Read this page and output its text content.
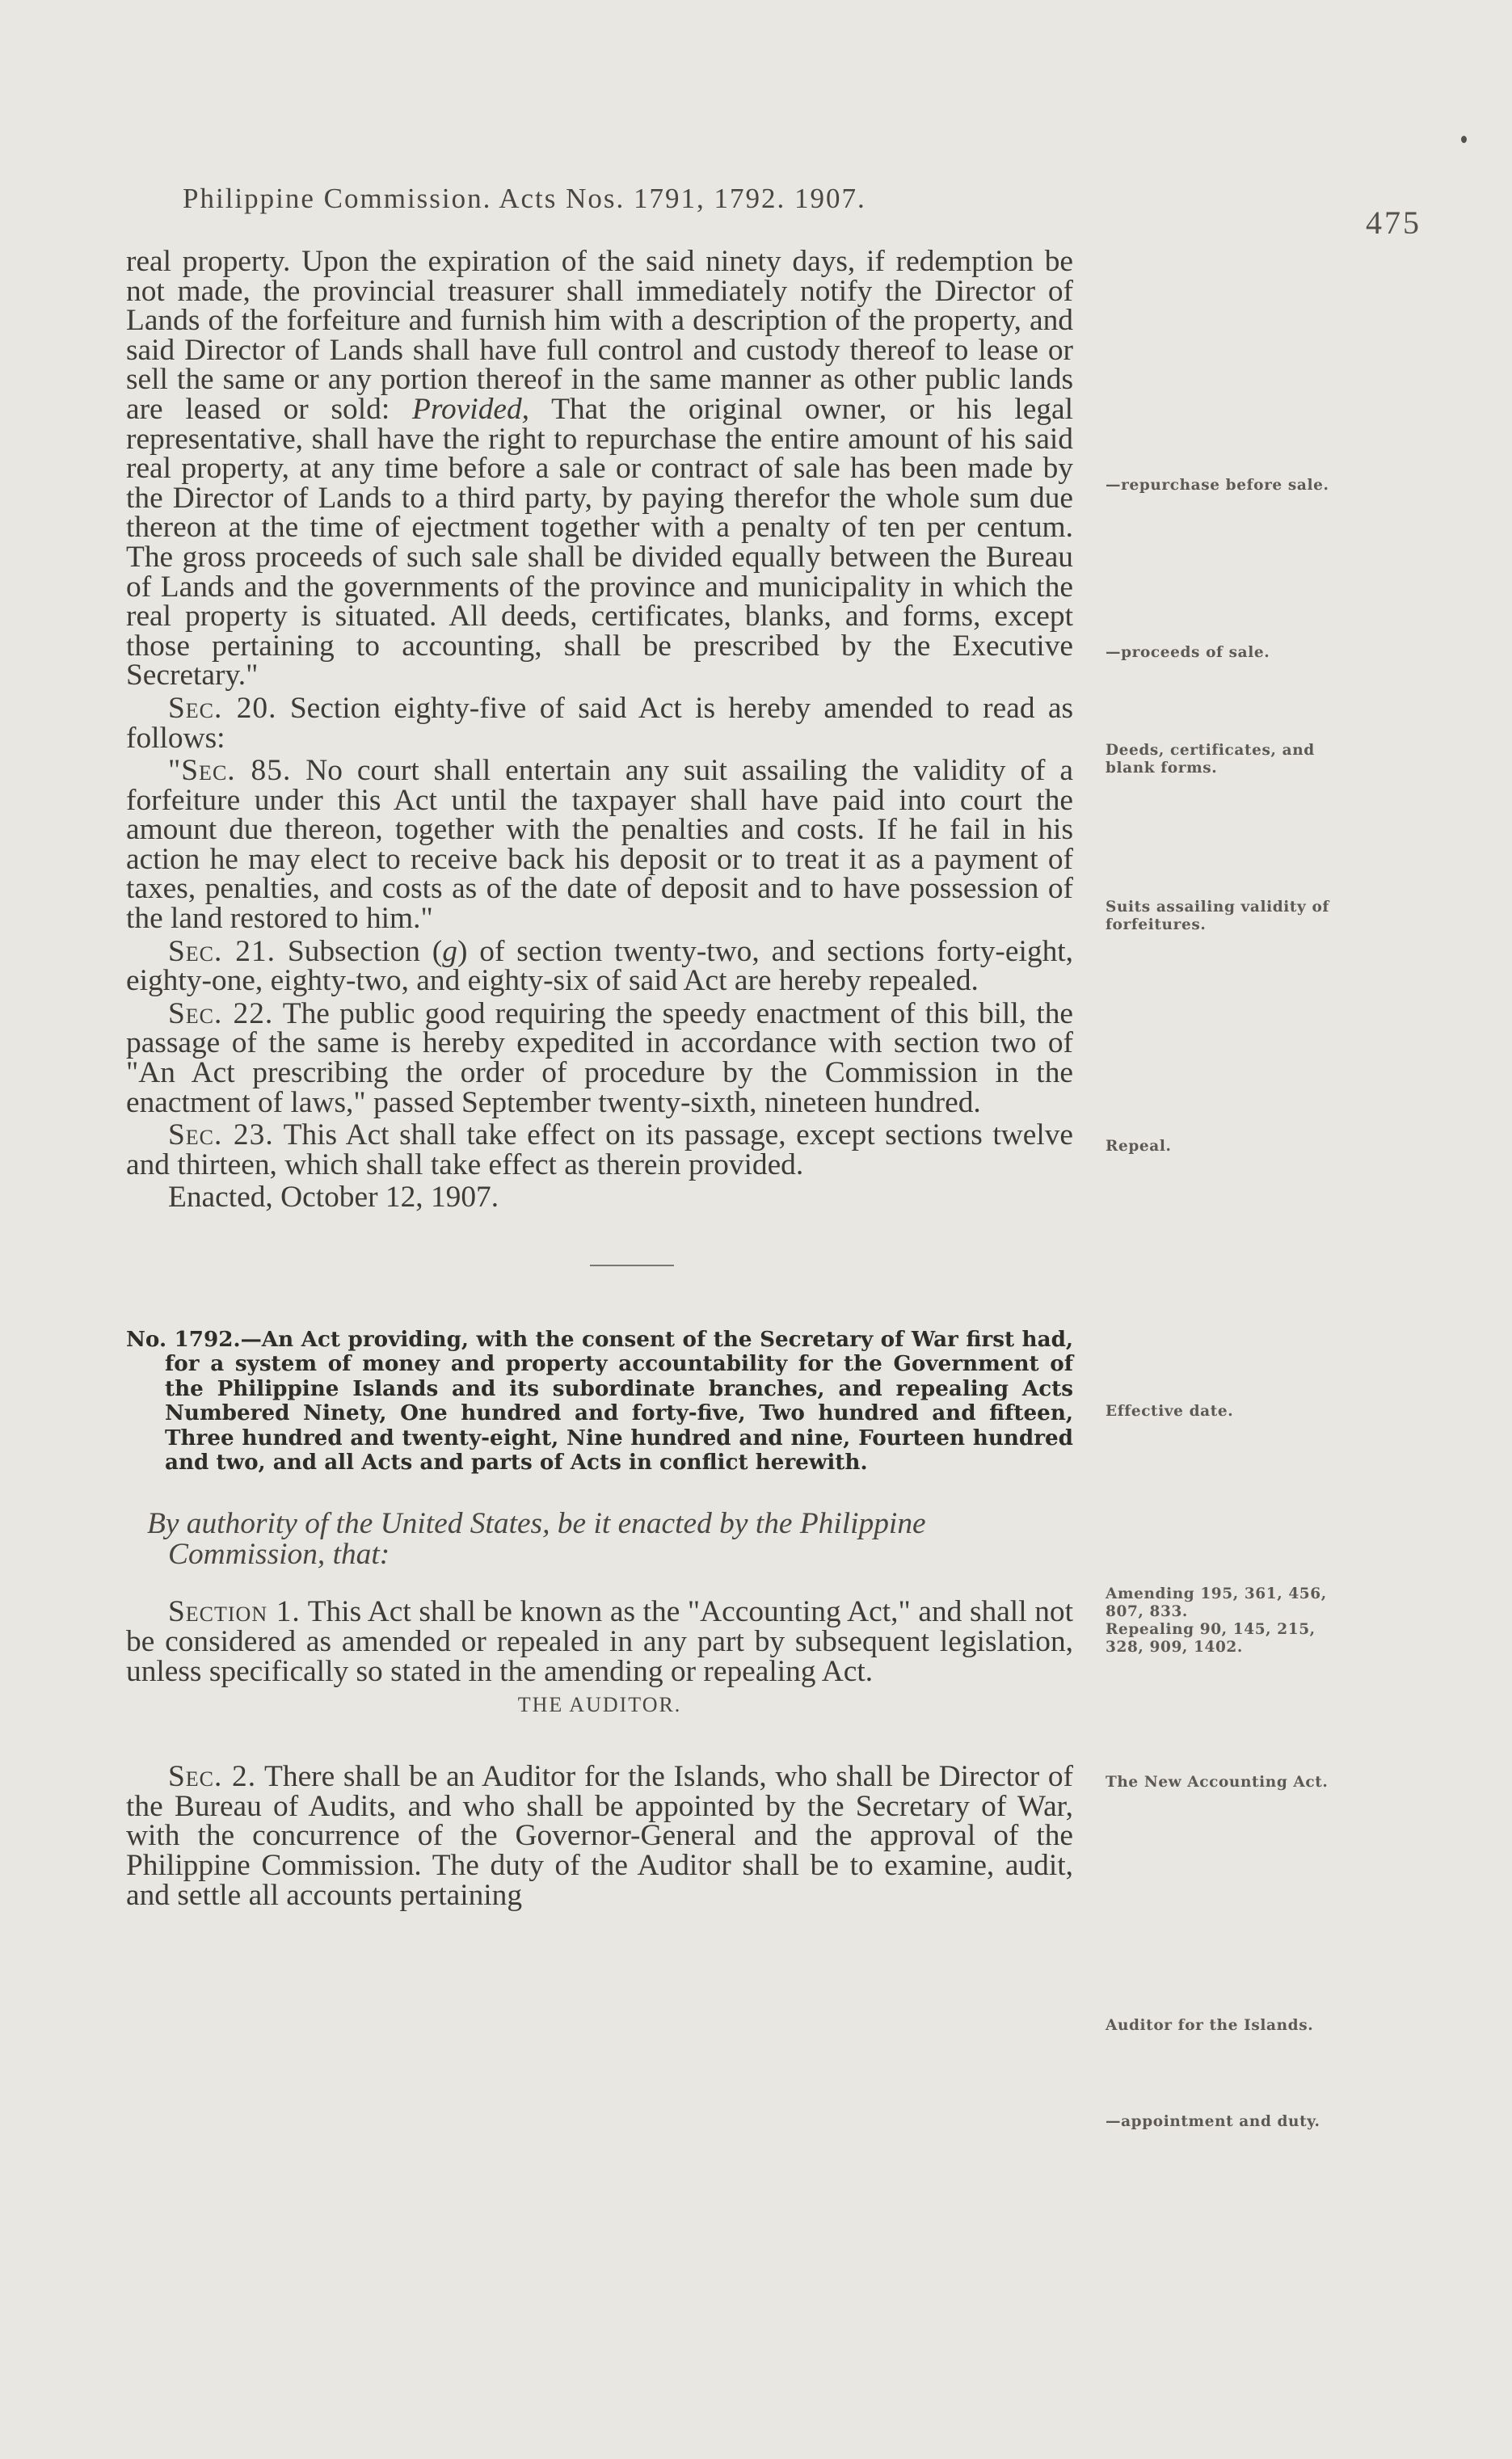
Philippine Commission. Acts Nos. 1791, 1792. 1907.
475

real property. Upon the expiration of the said ninety days, if redemption be not made, the provincial treasurer shall immediately notify the Director of Lands of the forfeiture and furnish him with a description of the property, and said Director of Lands shall have full control and custody thereof to lease or sell the same or any portion thereof in the same manner as other public lands are leased or sold: Provided, That the original owner, or his legal representative, shall have the right to repurchase the entire amount of his said real property, at any time before a sale or contract of sale has been made by the Director of Lands to a third party, by paying therefor the whole sum due thereon at the time of ejectment together with a penalty of ten per centum. The gross proceeds of such sale shall be divided equally between the Bureau of Lands and the governments of the province and municipality in which the real property is situated. All deeds, certificates, blanks, and forms, except those pertaining to accounting, shall be prescribed by the Executive Secretary."

Sec. 20. Section eighty-five of said Act is hereby amended to read as follows:

"Sec. 85. No court shall entertain any suit assailing the validity of a forfeiture under this Act until the taxpayer shall have paid into court the amount due thereon, together with the penalties and costs. If he fail in his action he may elect to receive back his deposit or to treat it as a payment of taxes, penalties, and costs as of the date of deposit and to have possession of the land restored to him."

Sec. 21. Subsection (g) of section twenty-two, and sections forty-eight, eighty-one, eighty-two, and eighty-six of said Act are hereby repealed.

Sec. 22. The public good requiring the speedy enactment of this bill, the passage of the same is hereby expedited in accordance with section two of "An Act prescribing the order of procedure by the Commission in the enactment of laws," passed September twenty-sixth, nineteen hundred.

Sec. 23. This Act shall take effect on its passage, except sections twelve and thirteen, which shall take effect as therein provided.

Enacted, October 12, 1907.

No. 1792.—An Act providing, with the consent of the Secretary of War first had, for a system of money and property accountability for the Government of the Philippine Islands and its subordinate branches, and repealing Acts Numbered Ninety, One hundred and forty-five, Two hundred and fifteen, Three hundred and twenty-eight, Nine hundred and nine, Fourteen hundred and two, and all Acts and parts of Acts in conflict herewith.
By authority of the United States, be it enacted by the Philippine Commission, that:

Section 1. This Act shall be known as the "Accounting Act," and shall not be considered as amended or repealed in any part by subsequent legislation, unless specifically so stated in the amending or repealing Act.

THE AUDITOR.

Sec. 2. There shall be an Auditor for the Islands, who shall be Director of the Bureau of Audits, and who shall be appointed by the Secretary of War, with the concurrence of the Governor-General and the approval of the Philippine Commission. The duty of the Auditor shall be to examine, audit, and settle all accounts pertaining

—repurchase before sale.
—proceeds of sale.
Deeds, certificates, and blank forms.
Suits assailing validity of forfeitures.
Repeal.
Effective date.
Amending 195, 361, 456, 807, 833.
Repealing 90, 145, 215, 328, 909, 1402.
The New Accounting Act.
Auditor for the Islands.
—appointment and duty.
